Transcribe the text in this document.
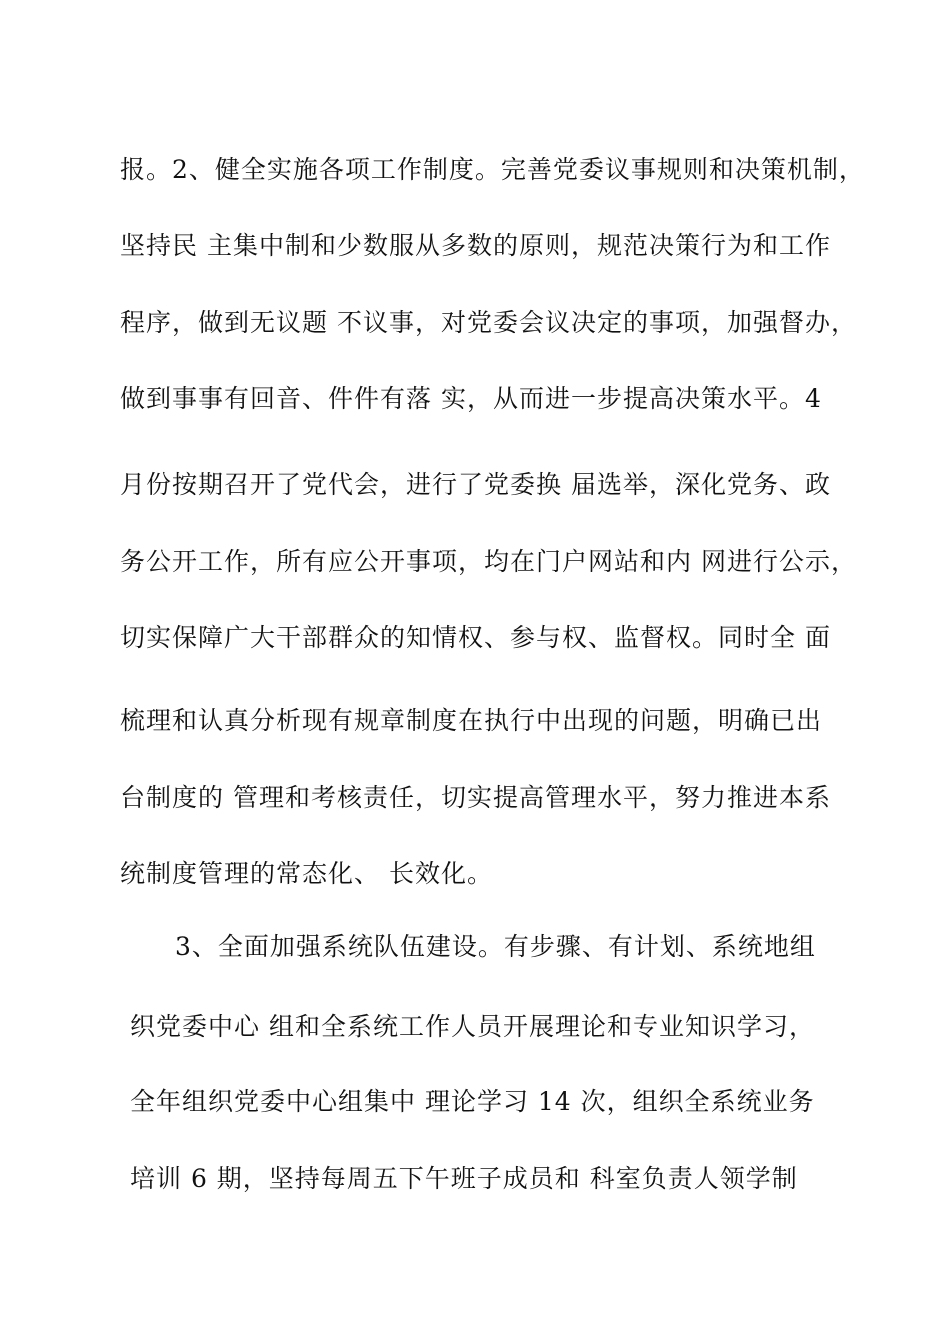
报。2、健全实施各项工作制度。完善党委议事规则和决策机制，
坚持民 主集中制和少数服从多数的原则，规范决策行为和工作
程序，做到无议题 不议事，对党委会议决定的事项，加强督办，
做到事事有回音、件件有落 实，从而进一步提高决策水平。4
月份按期召开了党代会，进行了党委换 届选举，深化党务、政
务公开工作，所有应公开事项，均在门户网站和内 网进行公示，
切实保障广大干部群众的知情权、参与权、监督权。同时全 面
梳理和认真分析现有规章制度在执行中出现的问题，明确已出
台制度的 管理和考核责任，切实提高管理水平，努力推进本系
统制度管理的常态化、 长效化。
3、全面加强系统队伍建设。有步骤、有计划、系统地组
织党委中心 组和全系统工作人员开展理论和专业知识学习，
全年组织党委中心组集中 理论学习 14 次，组织全系统业务
培训 6 期，坚持每周五下午班子成员和 科室负责人领学制
